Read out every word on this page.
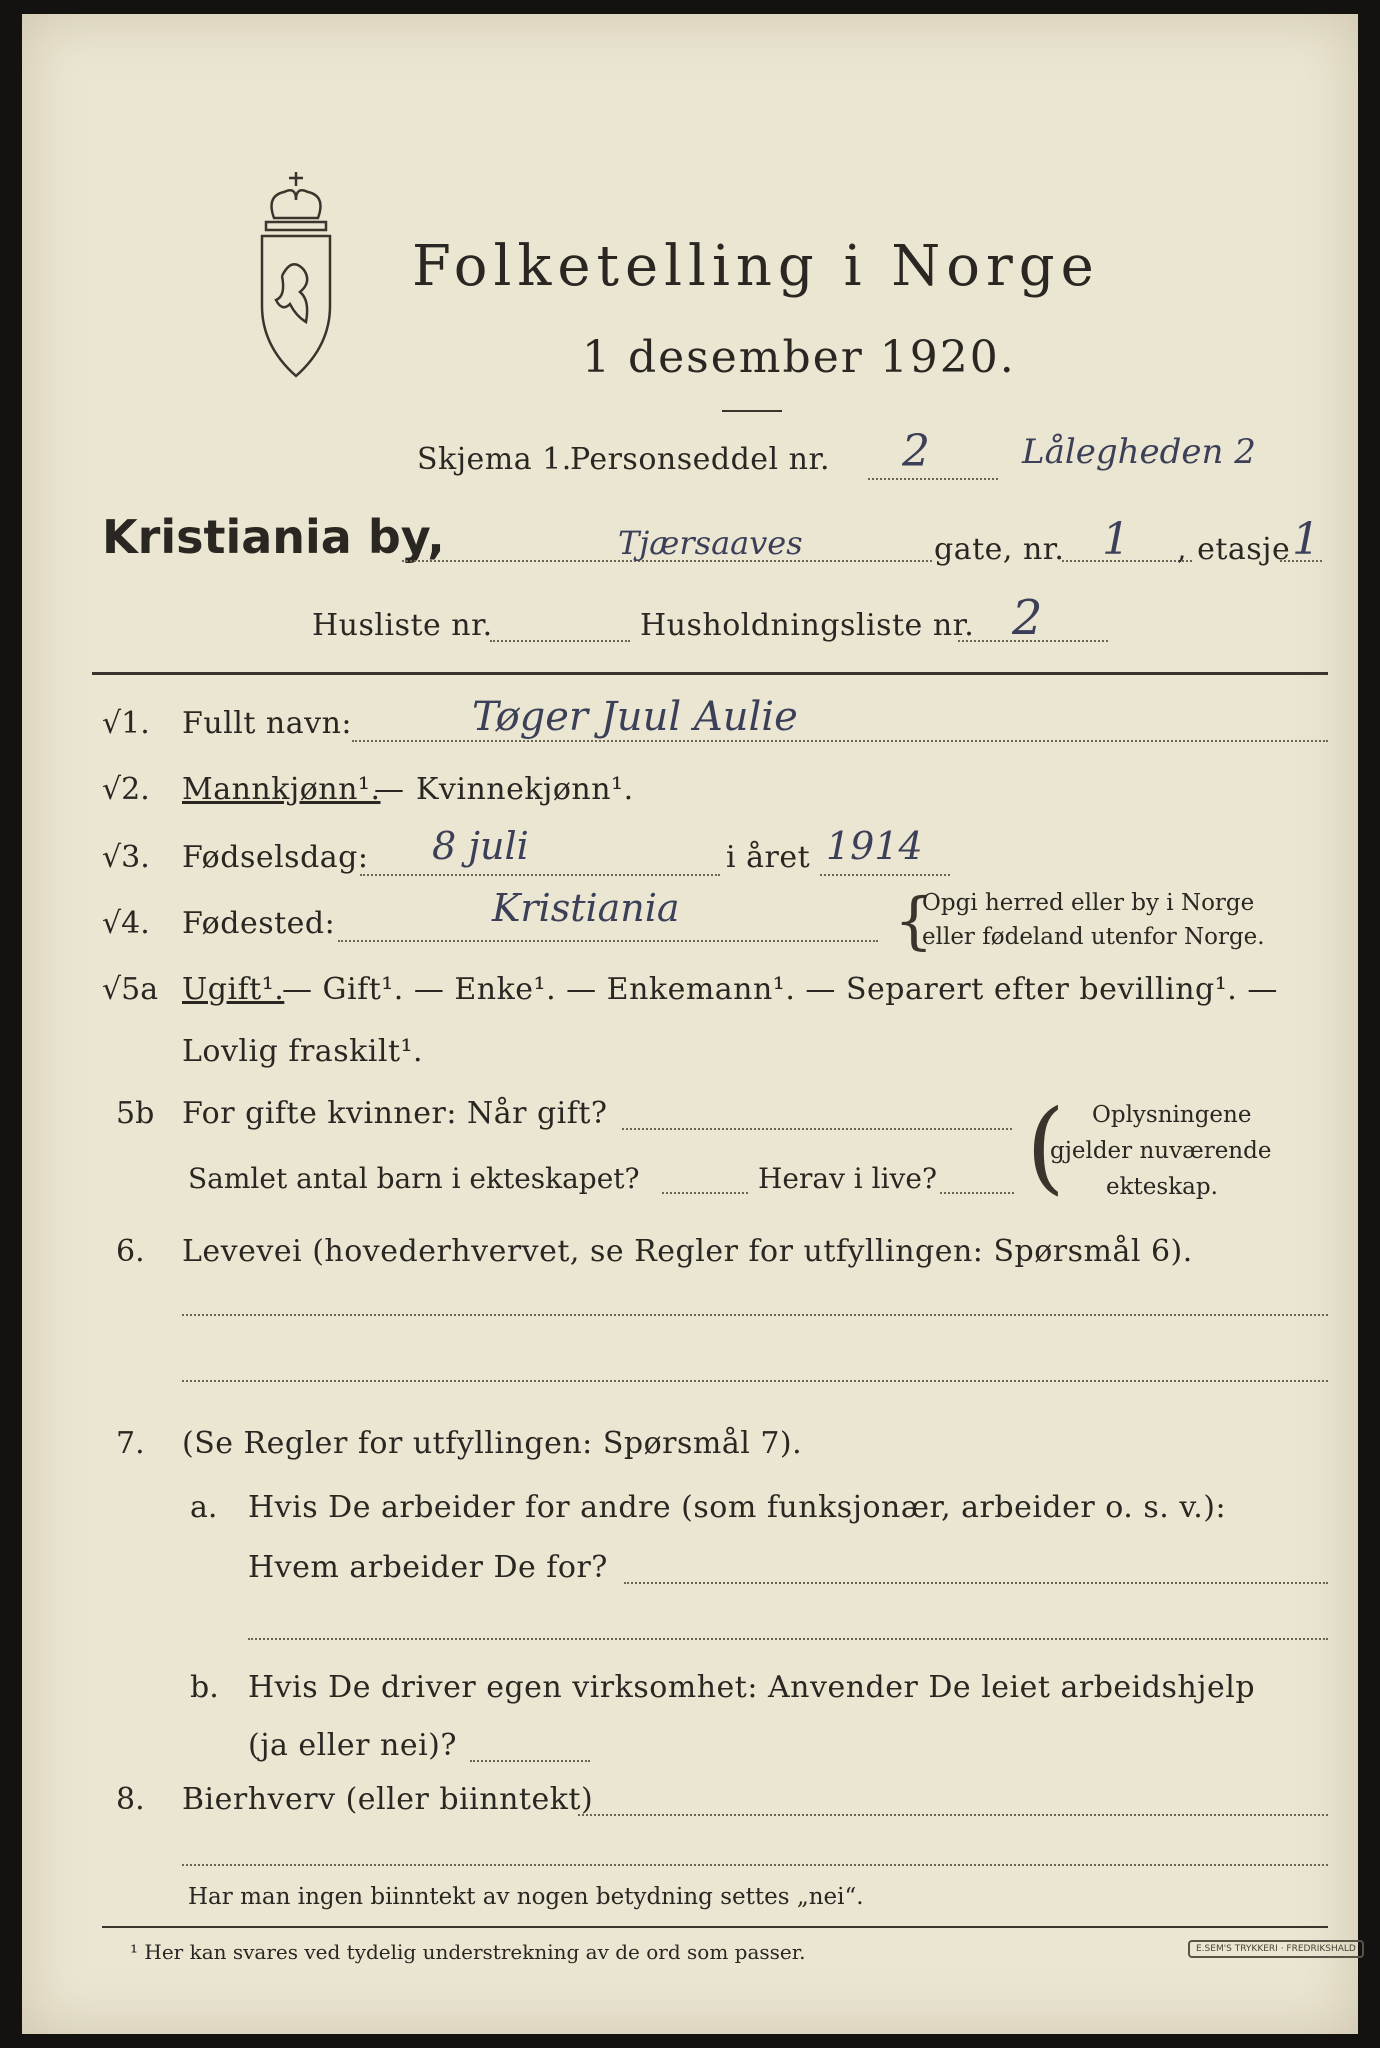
Folketelling i Norge
1 desember 1920.
Skjema 1.
Personseddel nr. 2	Lålegheden 2
Kristiania by,	Tjærsaaves	gate, nr. 1 , etasje 1
Husliste nr.	Husholdningsliste nr. 2
√1. Fullt navn:	Tøger Juul Aulie
√2. Mannkjønn¹.
— Kvinnekjønn¹.
√3. Fødselsdag: 8 juli	i året 1914
√4. Fødested:	Kristiania	{
Opgi herred eller by i Norge
eller fødeland utenfor Norge.
√5a Ugift¹.
— Gift¹. — Enke¹. — Enkemann¹. — Separert efter bevilling¹. —
Lovlig fraskilt¹.
5b For gifte kvinner: Når gift?
Samlet antal barn i ekteskapet?	Herav i live? ( Oplysningene
gjelder nuværende
ekteskap.
6. Levevei (hovederhvervet, se Regler for utfyllingen: Spørsmål 6).
7. (Se Regler for utfyllingen: Spørsmål 7).
a. Hvis De arbeider for andre (som funksjonær, arbeider o. s. v.):
Hvem arbeider De for?
b. Hvis De driver egen virksomhet: Anvender De leiet arbeidshjelp
(ja eller nei)?
8. Bierhverv (eller biinntekt)
Har man ingen biinntekt av nogen betydning settes „nei“.
¹ Her kan svares ved tydelig understrekning av de ord som passer.	E.SEM'S TRYKKERI · FREDRIKSHALD
